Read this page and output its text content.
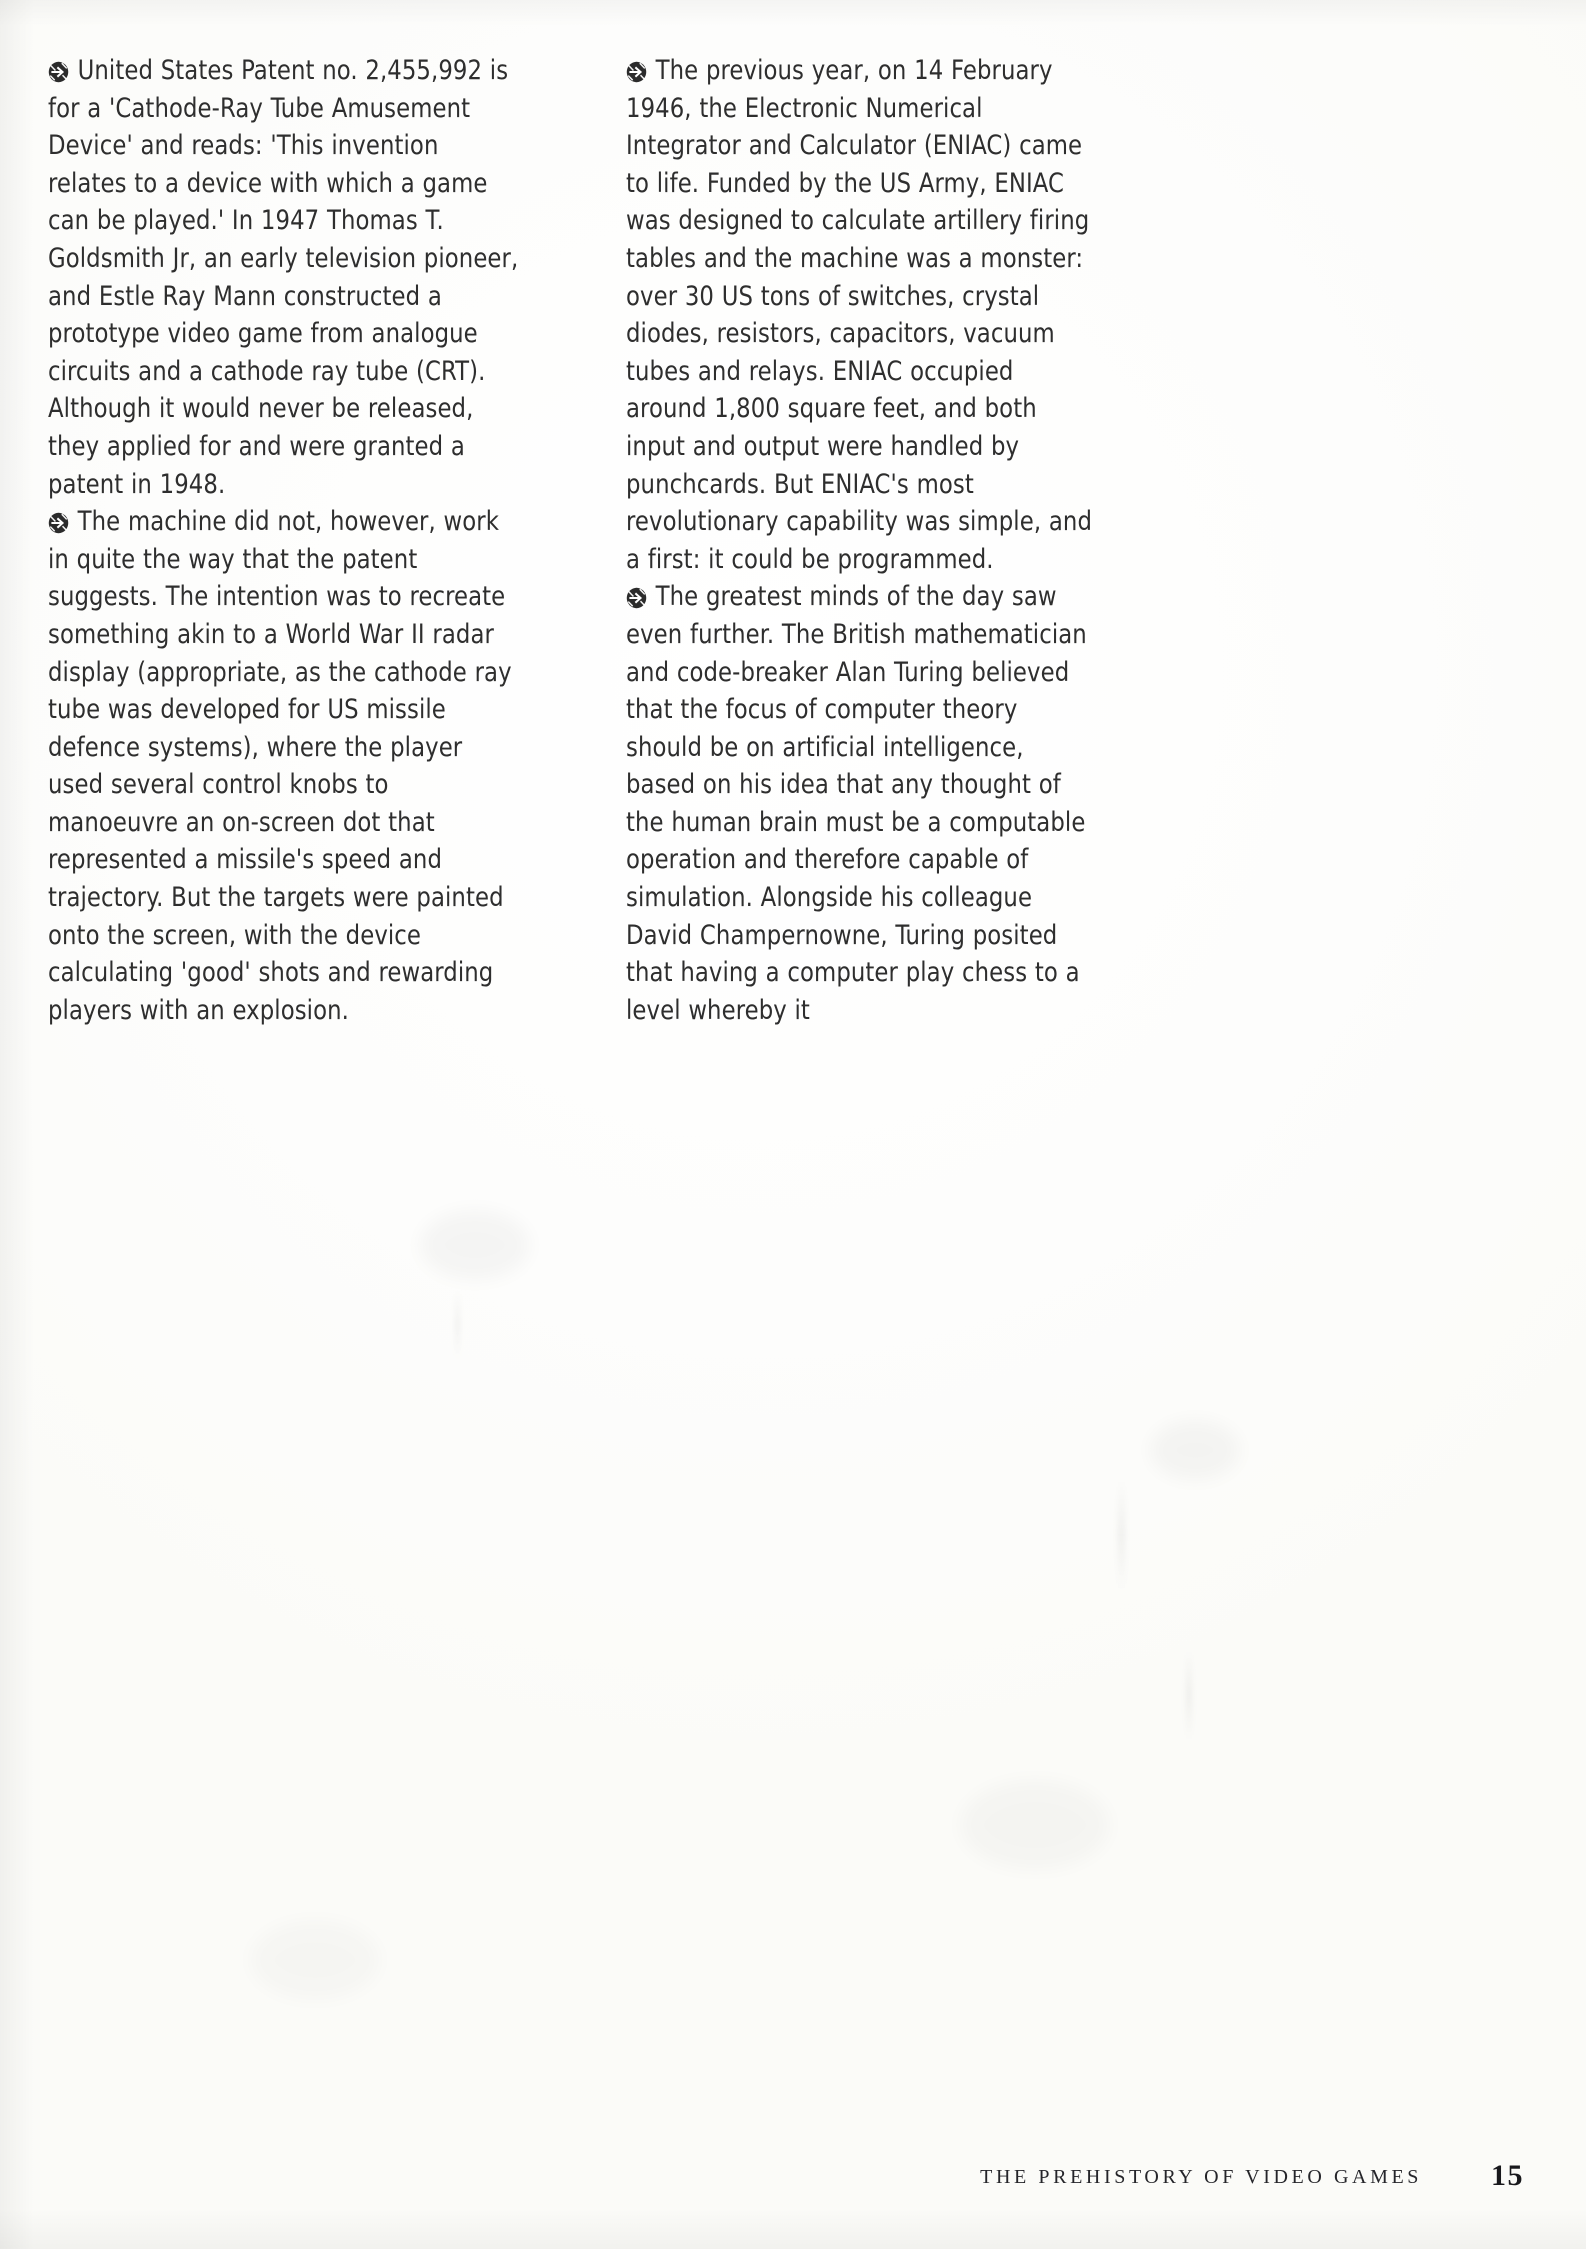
United States Patent no. 2,455,992 is for a 'Cathode-Ray Tube Amusement Device' and reads: 'This invention relates to a device with which a game can be played.' In 1947 Thomas T. Goldsmith Jr, an early television pioneer, and Estle Ray Mann constructed a prototype video game from analogue circuits and a cathode ray tube (CRT). Although it would never be released, they applied for and were granted a patent in 1948.

The machine did not, however, work in quite the way that the patent suggests. The intention was to recreate something akin to a World War II radar display (appropriate, as the cathode ray tube was developed for US missile defence systems), where the player used several control knobs to manoeuvre an on-screen dot that represented a missile's speed and trajectory. But the targets were painted onto the screen, with the device calculating 'good' shots and rewarding players with an explosion.

The previous year, on 14 February 1946, the Electronic Numerical Integrator and Calculator (ENIAC) came to life. Funded by the US Army, ENIAC was designed to calculate artillery firing tables and the machine was a monster: over 30 US tons of switches, crystal diodes, resistors, capacitors, vacuum tubes and relays. ENIAC occupied around 1,800 square feet, and both input and output were handled by punchcards. But ENIAC's most revolutionary capability was simple, and a first: it could be programmed.

The greatest minds of the day saw even further. The British mathematician and code-breaker Alan Turing believed that the focus of computer theory should be on artificial intelligence, based on his idea that any thought of the human brain must be a computable operation and therefore capable of simulation. Alongside his colleague David Champernowne, Turing posited that having a computer play chess to a level whereby it

THE PREHISTORY OF VIDEO GAMES 15
